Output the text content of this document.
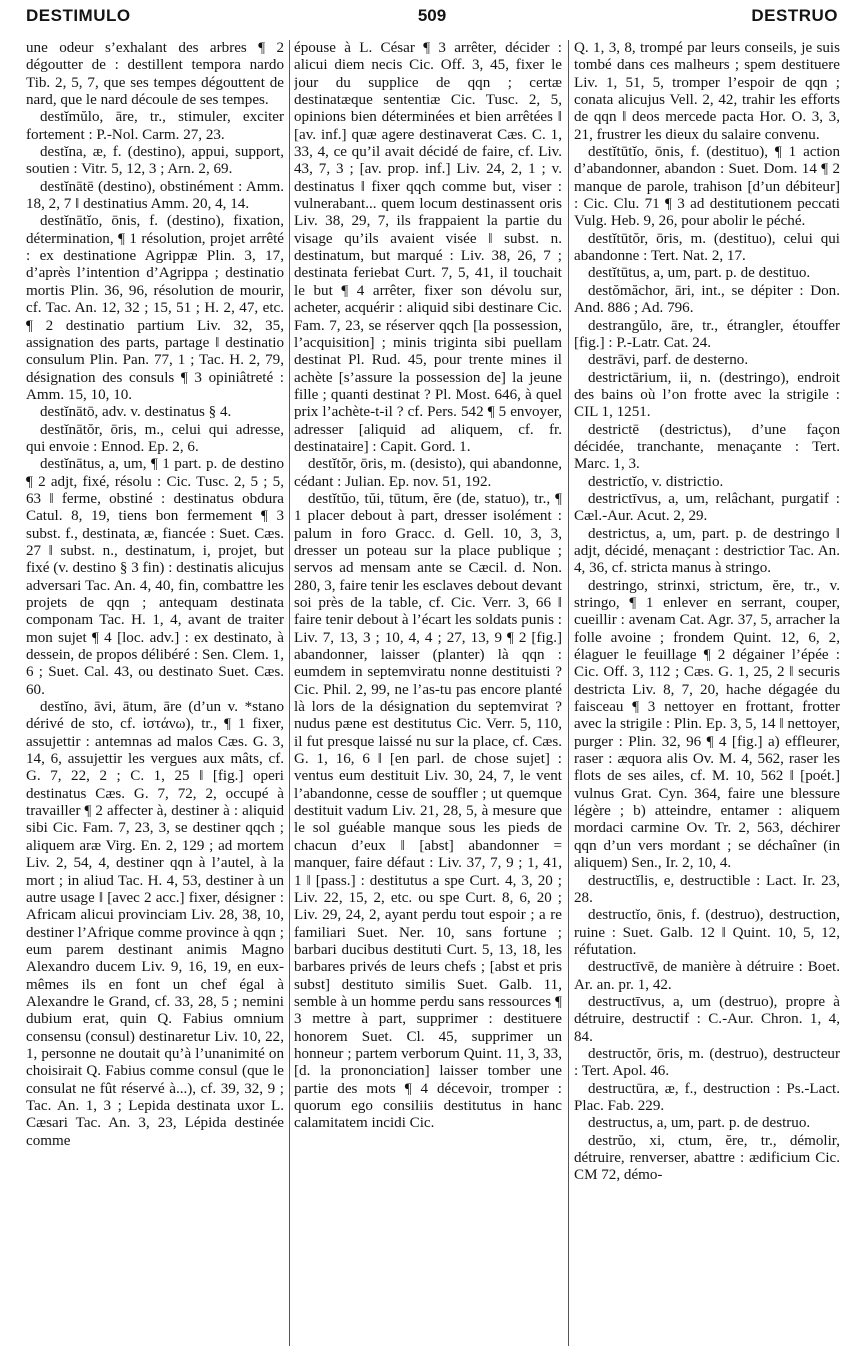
DESTIMULO	509	DESTRUO

une odeur s’exhalant des arbres ¶ 2 dégoutter de : destillent tempora nardo Tib. 2, 5, 7, que ses tempes dégouttent de nard, que le nard découle de ses tempes.

destĭmŭlo, āre, tr., stimuler, exciter fortement : P.-Nol. Carm. 27, 23.

destĭna, æ, f. (destino), appui, support, soutien : Vitr. 5, 12, 3 ; Arn. 2, 69.

destĭnātē (destino), obstinément : Amm. 18, 2, 7 ‖ destinatius Amm. 20, 4, 14.

destĭnātĭo, ōnis, f. (destino), fixation, détermination, ¶ 1 résolution, projet arrêté : ex destinatione Agrippæ Plin. 3, 17, d’après l’intention d’Agrippa ; destinatio mortis Plin. 36, 96, résolution de mourir, cf. Tac. An. 12, 32 ; 15, 51 ; H. 2, 47, etc. ¶ 2 destinatio partium Liv. 32, 35, assignation des parts, partage ‖ destinatio consulum Plin. Pan. 77, 1 ; Tac. H. 2, 79, désignation des consuls ¶ 3 opiniâtreté : Amm. 15, 10, 10.

destĭnātō, adv. v. destinatus § 4.

destĭnātŏr, ōris, m., celui qui adresse, qui envoie : Ennod. Ep. 2, 6.

destĭnātus, a, um, ¶ 1 part. p. de destino ¶ 2 adjt, fixé, résolu : Cic. Tusc. 2, 5 ; 5, 63 ‖ ferme, obstiné : destinatus obdura Catul. 8, 19, tiens bon fermement ¶ 3 subst. f., destinata, æ, fiancée : Suet. Cæs. 27 ‖ subst. n., destinatum, i, projet, but fixé (v. destino § 3 fin) : destinatis alicujus adversari Tac. An. 4, 40, fin, combattre les projets de qqn ; antequam destinata componam Tac. H. 1, 4, avant de traiter mon sujet ¶ 4 [loc. adv.] : ex destinato, à dessein, de propos délibéré : Sen. Clem. 1, 6 ; Suet. Cal. 43, ou destinato Suet. Cæs. 60.

destĭno, āvi, ātum, āre (d’un v. *stano dérivé de sto, cf. ἱστάνω), tr., ¶ 1 fixer, assujettir : antemnas ad malos Cæs. G. 3, 14, 6, assujettir les vergues aux mâts, cf. G. 7, 22, 2 ; C. 1, 25 ‖ [fig.] operi destinatus Cæs. G. 7, 72, 2, occupé à travailler ¶ 2 affecter à, destiner à : aliquid sibi Cic. Fam. 7, 23, 3, se destiner qqch ; aliquem aræ Virg. En. 2, 129 ; ad mortem Liv. 2, 54, 4, destiner qqn à l’autel, à la mort ; in aliud Tac. H. 4, 53, destiner à un autre usage ‖ [avec 2 acc.] fixer, désigner : Africam alicui provinciam Liv. 28, 38, 10, destiner l’Afrique comme province à qqn ; eum parem destinant animis Magno Alexandro ducem Liv. 9, 16, 19, en eux-mêmes ils en font un chef égal à Alexandre le Grand, cf. 33, 28, 5 ; nemini dubium erat, quin Q. Fabius omnium consensu (consul) destinaretur Liv. 10, 22, 1, personne ne doutait qu’à l’unanimité on choisirait Q. Fabius comme consul (que le consulat ne fût réservé à...), cf. 39, 32, 9 ; Tac. An. 1, 3 ; Lepida destinata uxor L. Cæsari Tac. An. 3, 23, Lépida destinée comme

épouse à L. César ¶ 3 arrêter, décider : alicui diem necis Cic. Off. 3, 45, fixer le jour du supplice de qqn ; certæ destinatæque sententiæ Cic. Tusc. 2, 5, opinions bien déterminées et bien arrêtées ‖ [av. inf.] quæ agere destinaverat Cæs. C. 1, 33, 4, ce qu’il avait décidé de faire, cf. Liv. 43, 7, 3 ; [av. prop. inf.] Liv. 24, 2, 1 ; v. destinatus ‖ fixer qqch comme but, viser : vulnerabant... quem locum destinassent oris Liv. 38, 29, 7, ils frappaient la partie du visage qu’ils avaient visée ‖ subst. n. destinatum, but marqué : Liv. 38, 26, 7 ; destinata feriebat Curt. 7, 5, 41, il touchait le but ¶ 4 arrêter, fixer son dévolu sur, acheter, acquérir : aliquid sibi destinare Cic. Fam. 7, 23, se réserver qqch [la possession, l’acquisition] ; minis triginta sibi puellam destinat Pl. Rud. 45, pour trente mines il achète [s’assure la possession de] la jeune fille ; quanti destinat ? Pl. Most. 646, à quel prix l’achète-t-il ? cf. Pers. 542 ¶ 5 envoyer, adresser [aliquid ad aliquem, cf. fr. destinataire] : Capit. Gord. 1.

destĭtŏr, ōris, m. (desisto), qui abandonne, cédant : Julian. Ep. nov. 51, 192.

destĭtŭo, tŭi, tūtum, ĕre (de, statuo), tr., ¶ 1 placer debout à part, dresser isolément : palum in foro Gracc. d. Gell. 10, 3, 3, dresser un poteau sur la place publique ; servos ad mensam ante se Cæcil. d. Non. 280, 3, faire tenir les esclaves debout devant soi près de la table, cf. Cic. Verr. 3, 66 ‖ faire tenir debout à l’écart les soldats punis : Liv. 7, 13, 3 ; 10, 4, 4 ; 27, 13, 9 ¶ 2 [fig.] abandonner, laisser (planter) là qqn : eumdem in septemviratu nonne destituisti ? Cic. Phil. 2, 99, ne l’as-tu pas encore planté là lors de la désignation du septemvirat ? nudus pæne est destitutus Cic. Verr. 5, 110, il fut presque laissé nu sur la place, cf. Cæs. G. 1, 16, 6 ‖ [en parl. de chose sujet] : ventus eum destituit Liv. 30, 24, 7, le vent l’abandonne, cesse de souffler ; ut quemque destituit vadum Liv. 21, 28, 5, à mesure que le sol guéable manque sous les pieds de chacun d’eux ‖ [abst] abandonner = manquer, faire défaut : Liv. 37, 7, 9 ; 1, 41, 1 ‖ [pass.] : destitutus a spe Curt. 4, 3, 20 ; Liv. 22, 15, 2, etc. ou spe Curt. 8, 6, 20 ; Liv. 29, 24, 2, ayant perdu tout espoir ; a re familiari Suet. Ner. 10, sans fortune ; barbari ducibus destituti Curt. 5, 13, 18, les barbares privés de leurs chefs ; [abst et pris subst] destituto similis Suet. Galb. 11, semble à un homme perdu sans ressources ¶ 3 mettre à part, supprimer : destituere honorem Suet. Cl. 45, supprimer un honneur ; partem verborum Quint. 11, 3, 33, [d. la prononciation] laisser tomber une partie des mots ¶ 4 décevoir, tromper : quorum ego consiliis destitutus in hanc calamitatem incidi Cic.

Q. 1, 3, 8, trompé par leurs conseils, je suis tombé dans ces malheurs ; spem destituere Liv. 1, 51, 5, tromper l’espoir de qqn ; conata alicujus Vell. 2, 42, trahir les efforts de qqn ‖ deos mercede pacta Hor. O. 3, 3, 21, frustrer les dieux du salaire convenu.

destĭtūtĭo, ōnis, f. (destituo), ¶ 1 action d’abandonner, abandon : Suet. Dom. 14 ¶ 2 manque de parole, trahison [d’un débiteur] : Cic. Clu. 71 ¶ 3 ad destitutionem peccati Vulg. Heb. 9, 26, pour abolir le péché.

destĭtūtŏr, ōris, m. (destituo), celui qui abandonne : Tert. Nat. 2, 17.

destĭtūtus, a, um, part. p. de destituo.

destŏmăchor, āri, int., se dépiter : Don. And. 886 ; Ad. 796.

destrangŭlo, āre, tr., étrangler, étouffer [fig.] : P.-Latr. Cat. 24.

destrāvi, parf. de desterno.

destrictārium, ii, n. (destringo), endroit des bains où l’on frotte avec la strigile : CIL 1, 1251.

destrictē (destrictus), d’une façon décidée, tranchante, menaçante : Tert. Marc. 1, 3.

destrictĭo, v. districtio.

destrictīvus, a, um, relâchant, purgatif : Cæl.-Aur. Acut. 2, 29.

destrictus, a, um, part. p. de destringo ‖ adjt, décidé, menaçant : destrictior Tac. An. 4, 36, cf. stricta manus à stringo.

destringo, strinxi, strictum, ĕre, tr., v. stringo, ¶ 1 enlever en serrant, couper, cueillir : avenam Cat. Agr. 37, 5, arracher la folle avoine ; frondem Quint. 12, 6, 2, élaguer le feuillage ¶ 2 dégainer l’épée : Cic. Off. 3, 112 ; Cæs. G. 1, 25, 2 ‖ securis destricta Liv. 8, 7, 20, hache dégagée du faisceau ¶ 3 nettoyer en frottant, frotter avec la strigile : Plin. Ep. 3, 5, 14 ‖ nettoyer, purger : Plin. 32, 96 ¶ 4 [fig.] a) effleurer, raser : æquora alis Ov. M. 4, 562, raser les flots de ses ailes, cf. M. 10, 562 ‖ [poét.] vulnus Grat. Cyn. 364, faire une blessure légère ; b) atteindre, entamer : aliquem mordaci carmine Ov. Tr. 2, 563, déchirer qqn d’un vers mordant ; se déchaîner (in aliquem) Sen., Ir. 2, 10, 4.

destructĭlis, e, destructible : Lact. Ir. 23, 28.

destructĭo, ōnis, f. (destruo), destruction, ruine : Suet. Galb. 12 ‖ Quint. 10, 5, 12, réfutation.

destructīvē, de manière à détruire : Boet. Ar. an. pr. 1, 42.

destructīvus, a, um (destruo), propre à détruire, destructif : C.-Aur. Chron. 1, 4, 84.

destructŏr, ōris, m. (destruo), destructeur : Tert. Apol. 46.

destructūra, æ, f., destruction : Ps.-Lact. Plac. Fab. 229.

destructus, a, um, part. p. de destruo.

destrŭo, xi, ctum, ĕre, tr., démolir, détruire, renverser, abattre : ædificium Cic. CM 72, démo-
